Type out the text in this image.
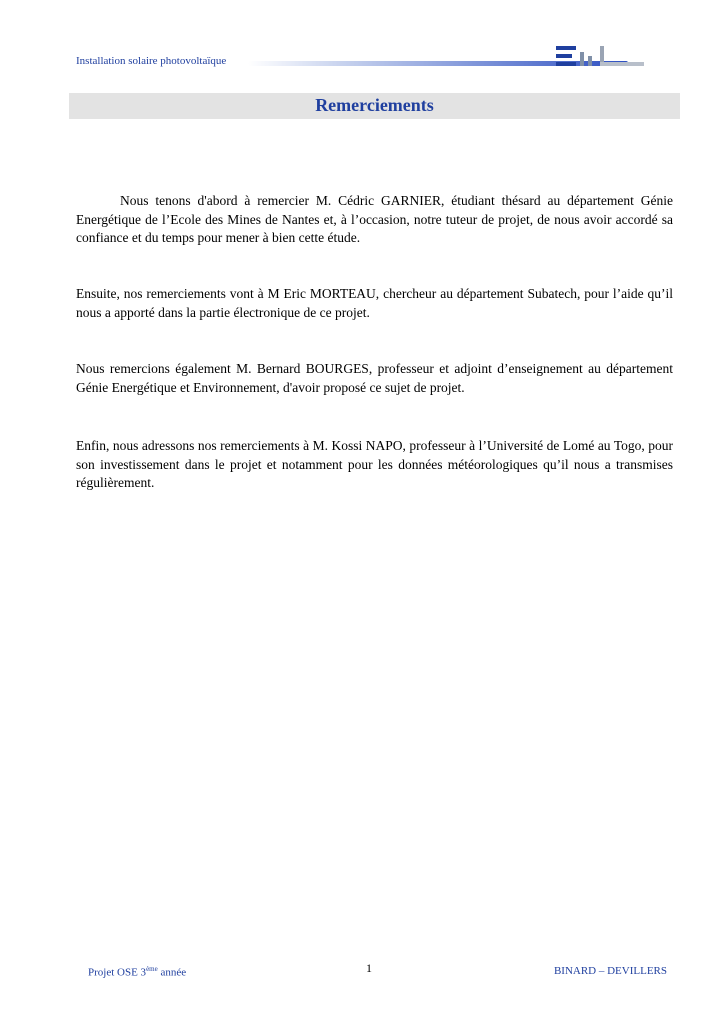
Installation solaire photovoltaïque
Remerciements

Nous tenons d'abord à remercier M. Cédric GARNIER, étudiant thésard au département Génie Energétique de l’Ecole des Mines de Nantes et, à l’occasion, notre tuteur de projet, de nous avoir accordé sa confiance et du temps pour mener à bien cette étude.

Ensuite, nos remerciements vont à M Eric MORTEAU, chercheur au département Subatech, pour l’aide qu’il nous a apporté dans la partie électronique de ce projet.

Nous remercions également M. Bernard BOURGES, professeur et adjoint d’enseignement au département Génie Energétique et Environnement, d'avoir proposé ce sujet de projet.

Enfin, nous adressons nos remerciements à M. Kossi NAPO, professeur à l’Université de Lomé au Togo, pour son investissement dans le projet et notamment pour les données météorologiques qu’il nous a transmises régulièrement.

Projet OSE 3ème année	1	BINARD – DEVILLERS
